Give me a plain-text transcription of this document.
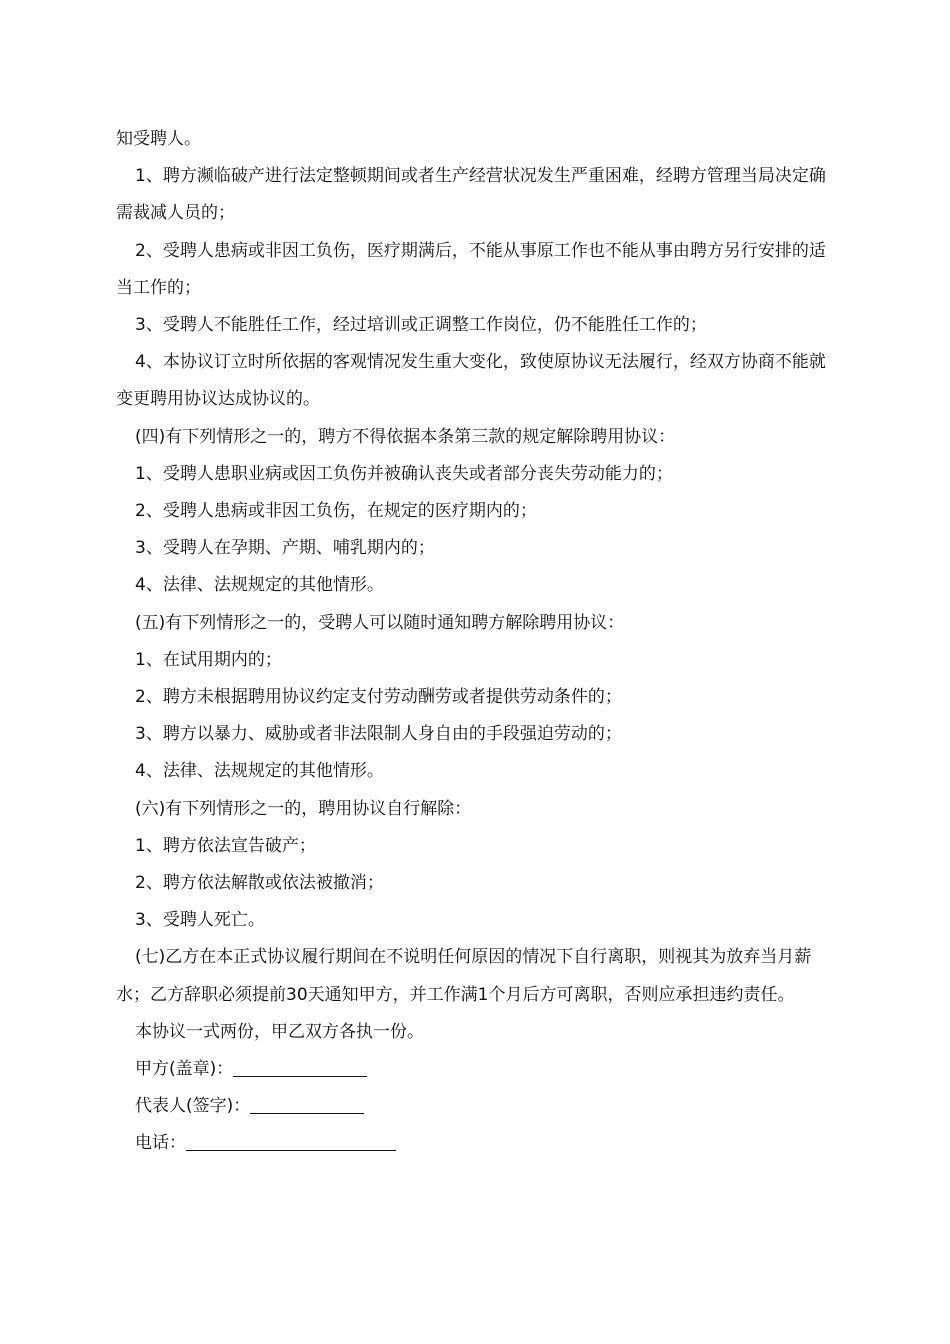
知受聘人。

1、聘方濒临破产进行法定整顿期间或者生产经营状况发生严重困难，经聘方管理当局决定确需裁减人员的；

2、受聘人患病或非因工负伤，医疗期满后，不能从事原工作也不能从事由聘方另行安排的适当工作的；

3、受聘人不能胜任工作，经过培训或正调整工作岗位，仍不能胜任工作的；

4、本协议订立时所依据的客观情况发生重大变化，致使原协议无法履行，经双方协商不能就变更聘用协议达成协议的。

(四)有下列情形之一的，聘方不得依据本条第三款的规定解除聘用协议：

1、受聘人患职业病或因工负伤并被确认丧失或者部分丧失劳动能力的；

2、受聘人患病或非因工负伤，在规定的医疗期内的；

3、受聘人在孕期、产期、哺乳期内的；

4、法律、法规规定的其他情形。

(五)有下列情形之一的，受聘人可以随时通知聘方解除聘用协议：

1、在试用期内的；

2、聘方未根据聘用协议约定支付劳动酬劳或者提供劳动条件的；

3、聘方以暴力、威胁或者非法限制人身自由的手段强迫劳动的；

4、法律、法规规定的其他情形。

(六)有下列情形之一的，聘用协议自行解除：

1、聘方依法宣告破产；

2、聘方依法解散或依法被撤消；

3、受聘人死亡。

(七)乙方在本正式协议履行期间在不说明任何原因的情况下自行离职，则视其为放弃当月薪水；乙方辞职必须提前30天通知甲方，并工作满1个月后方可离职，否则应承担违约责任。

本协议一式两份，甲乙双方各执一份。

甲方(盖章)：

代表人(签字)：

电话：
